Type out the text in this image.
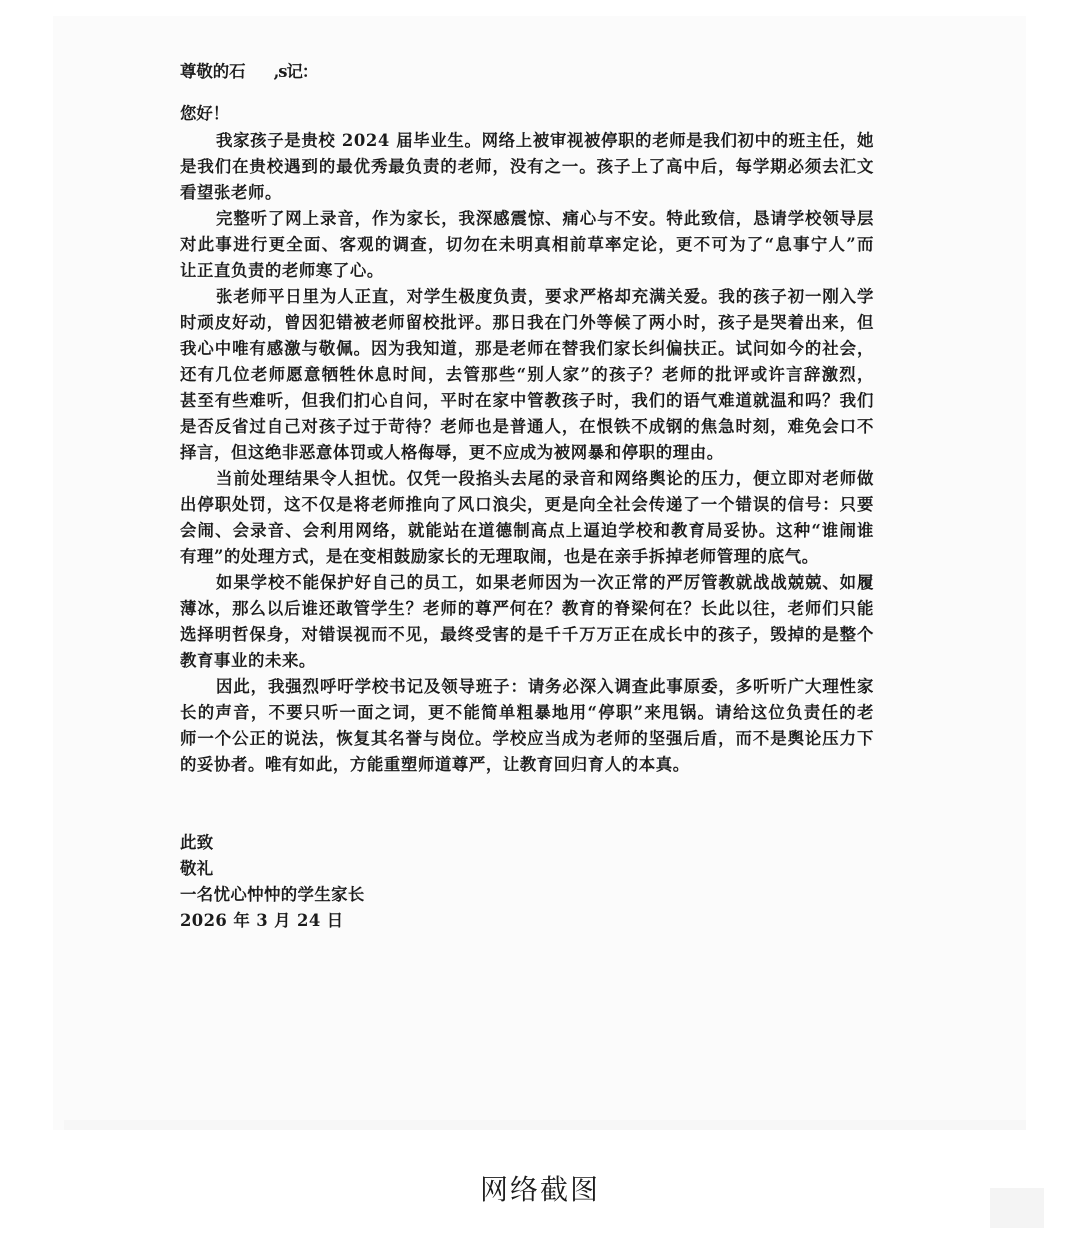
尊敬的石 ,s记：
您好！
我家孩子是贵校 2024 届毕业生。网络上被审视被停职的老师是我们初中的班主任，她
是我们在贵校遇到的最优秀最负责的老师，没有之一。孩子上了高中后，每学期必须去汇文
看望张老师。
完整听了网上录音，作为家长，我深感震惊、痛心与不安。特此致信，恳请学校领导层
对此事进行更全面、客观的调查，切勿在未明真相前草率定论，更不可为了“息事宁人”而
让正直负责的老师寒了心。
张老师平日里为人正直，对学生极度负责，要求严格却充满关爱。我的孩子初一刚入学
时顽皮好动，曾因犯错被老师留校批评。那日我在门外等候了两小时，孩子是哭着出来，但
我心中唯有感激与敬佩。因为我知道，那是老师在替我们家长纠偏扶正。试问如今的社会，
还有几位老师愿意牺牲休息时间，去管那些“别人家”的孩子？老师的批评或许言辞激烈，
甚至有些难听，但我们扪心自问，平时在家中管教孩子时，我们的语气难道就温和吗？我们
是否反省过自己对孩子过于苛待？老师也是普通人，在恨铁不成钢的焦急时刻，难免会口不
择言，但这绝非恶意体罚或人格侮辱，更不应成为被网暴和停职的理由。
当前处理结果令人担忧。仅凭一段掐头去尾的录音和网络舆论的压力，便立即对老师做
出停职处罚，这不仅是将老师推向了风口浪尖，更是向全社会传递了一个错误的信号：只要
会闹、会录音、会利用网络，就能站在道德制高点上逼迫学校和教育局妥协。这种“谁闹谁
有理”的处理方式，是在变相鼓励家长的无理取闹，也是在亲手拆掉老师管理的底气。
如果学校不能保护好自己的员工，如果老师因为一次正常的严厉管教就战战兢兢、如履
薄冰，那么以后谁还敢管学生？老师的尊严何在？教育的脊梁何在？长此以往，老师们只能
选择明哲保身，对错误视而不见，最终受害的是千千万万正在成长中的孩子，毁掉的是整个
教育事业的未来。
因此，我强烈呼吁学校书记及领导班子：请务必深入调查此事原委，多听听广大理性家
长的声音，不要只听一面之词，更不能简单粗暴地用“停职”来甩锅。请给这位负责任的老
师一个公正的说法，恢复其名誉与岗位。学校应当成为老师的坚强后盾，而不是舆论压力下
的妥协者。唯有如此，方能重塑师道尊严，让教育回归育人的本真。
此致
敬礼
一名忧心忡忡的学生家长
2026 年 3 月 24 日
网络截图
